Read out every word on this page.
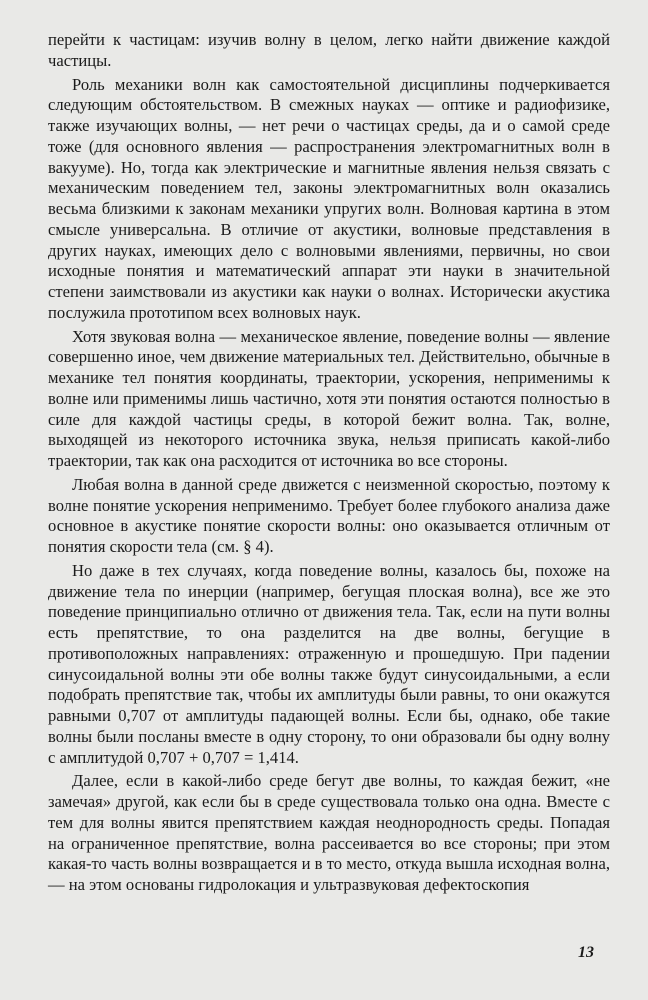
перейти к частицам: изучив волну в целом, легко найти движение каждой частицы.

Роль механики волн как самостоятельной дисциплины подчеркивается следующим обстоятельством. В смежных науках — оптике и радиофизике, также изучающих волны, — нет речи о частицах среды, да и о самой среде тоже (для основного явления — распространения электромагнитных волн в вакууме). Но, тогда как электрические и магнитные явления нельзя связать с механическим поведением тел, законы электромагнитных волн оказались весьма близкими к законам механики упругих волн. Волновая картина в этом смысле универсальна. В отличие от акустики, волновые представления в других науках, имеющих дело с волновыми явлениями, первичны, но свои исходные понятия и математический аппарат эти науки в значительной степени заимствовали из акустики как науки о волнах. Исторически акустика послужила прототипом всех волновых наук.

Хотя звуковая волна — механическое явление, поведение волны — явление совершенно иное, чем движение материальных тел. Действительно, обычные в механике тел понятия координаты, траектории, ускорения, неприменимы к волне или применимы лишь частично, хотя эти понятия остаются полностью в силе для каждой частицы среды, в которой бежит волна. Так, волне, выходящей из некоторого источника звука, нельзя приписать какой-либо траектории, так как она расходится от источника во все стороны.

Любая волна в данной среде движется с неизменной скоростью, поэтому к волне понятие ускорения неприменимо. Требует более глубокого анализа даже основное в акустике понятие скорости волны: оно оказывается отличным от понятия скорости тела (см. § 4).

Но даже в тех случаях, когда поведение волны, казалось бы, похоже на движение тела по инерции (например, бегущая плоская волна), все же это поведение принципиально отлично от движения тела. Так, если на пути волны есть препятствие, то она разделится на две волны, бегущие в противоположных направлениях: отраженную и прошедшую. При падении синусоидальной волны эти обе волны также будут синусоидальными, а если подобрать препятствие так, чтобы их амплитуды были равны, то они окажутся равными 0,707 от амплитуды падающей волны. Если бы, однако, обе такие волны были посланы вместе в одну сторону, то они образовали бы одну волну с амплитудой 0,707 + 0,707 = 1,414.

Далее, если в какой-либо среде бегут две волны, то каждая бежит, «не замечая» другой, как если бы в среде существовала только она одна. Вместе с тем для волны явится препятствием каждая неоднородность среды. Попадая на ограниченное препятствие, волна рассеивается во все стороны; при этом какая-то часть волны возвращается и в то место, откуда вышла исходная волна, — на этом основаны гидролокация и ультразвуковая дефектоскопия

13
